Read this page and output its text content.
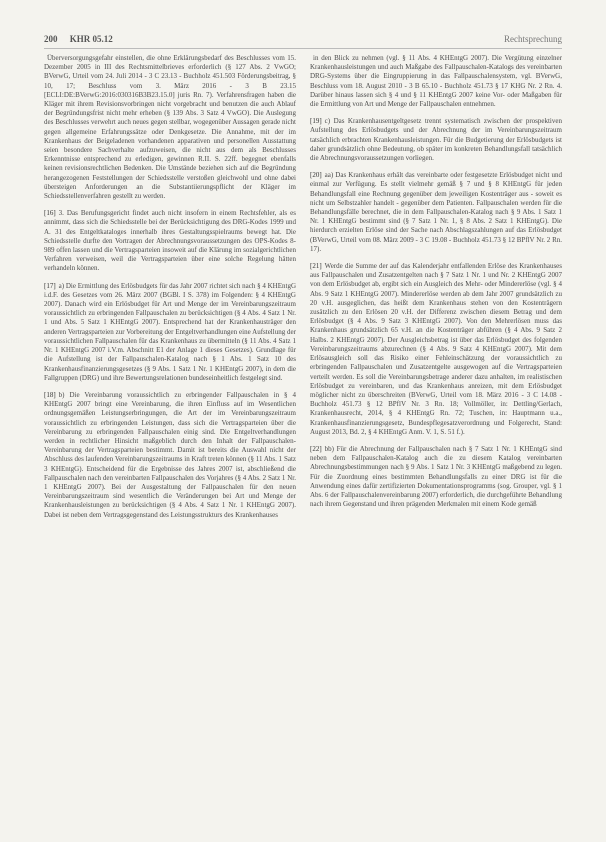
200 KHR 05.12	Rechtsprechung

Überversorgungsgefahr einstellen, die ohne Erklärungsbedarf des Beschlusses vom 15. Dezember 2005 in III des Rechtsmittelbrieves erforderlich (§ 127 Abs. 2 VwGO; BVerwG, Urteil vom 24. Juli 2014 - 3 C 23.13 - Buchholz 451.503 Förderungsbeitrag, § 10, 17; Beschluss vom 3. März 2016 - 3 B 23.15 [ECLI:DE:BVerwG:2016:030316B3B23.15.0] juris Rn. 7). Verfahrensfragen haben die Kläger mit ihrem Revisionsvorbringen nicht vorgebracht und benutzen die auch Ablauf der Begründungsfrist nicht mehr erheben (§ 139 Abs. 3 Satz 4 VwGO). Die Auslegung des Beschlusses verwehrt auch neues gegen stellbar, wogegenüber Aussagen gerade nicht gegen allgemeine Erfahrungssätze oder Denkgesetze. Die Annahme, mit der im Krankenhaus der Beigeladenen vorhandenen apparativen und personellen Ausstattung seien besondere Sachverhalte aufzuweisen, die nicht aus dem als Beschlusses Erkenntnisse entsprechend zu erledigen, gewinnen R.II. S. 22ff. begegnet ebenfalls keinen revisionsrechtlichen Bedenken. Die Umstände beziehen sich auf die Begründung herangezogenen Feststellungen der Schiedsstelle verstoßen gleichwohl und ohne dabei übersteigen Anforderungen an die Substantiierungspflicht der Kläger im Schiedsstellenverfahren gestellt zu werden.

[16] 3. Das Berufungsgericht findet auch nicht insofern in einem Rechtsfehler, als es annimmt, dass sich die Schiedsstelle bei der Berücksichtigung des DRG-Kodes 1999 und A. 31 des Entgeltkataloges innerhalb ihres Gestaltungsspielraums bewegt hat. Die Schiedsstelle durfte den Vortragen der Abrechnungsvoraussetzungen des OPS-Kodes 8-989 offen lassen und die Vertragsparteien insoweit auf die Klärung im sozialgerichtlichen Verfahren verweisen, weil die Vertragsparteien über eine solche Regelung hätten verhandeln können.

[17] a) Die Ermittlung des Erlösbudgets für das Jahr 2007 richtet sich nach § 4 KHEntgG i.d.F. des Gesetzes vom 26. März 2007 (BGBl. I S. 378) im Folgenden: § 4 KHEntgG 2007). Danach wird ein Erlösbudget für Art und Menge der im Vereinbarungszeitraum voraussichtlich zu erbringenden Fallpauschalen zu berücksichtigen (§ 4 Abs. 4 Satz 1 Nr. 1 und Abs. 5 Satz 1 KHEntgG 2007). Entsprechend hat der Krankenhausträger den anderen Vertragsparteien zur Vorbereitung der Entgeltverhandlungen eine Aufstellung der voraussichtlichen Fallpauschalen für das Krankenhaus zu übermitteln (§ 11 Abs. 4 Satz 1 Nr. 1 KHEntgG 2007 i.V.m. Abschnitt E1 der Anlage 1 dieses Gesetzes). Grundlage für die Aufstellung ist der Fallpauschalen-Katalog nach § 1 Abs. 1 Satz 10 des Krankenhausfinanzierungsgesetzes (§ 9 Abs. 1 Satz 1 Nr. 1 KHEntgG 2007), in dem die Fallgruppen (DRG) und ihre Bewertungsrelationen bundeseinheitlich festgelegt sind.

[18] b) Die Vereinbarung voraussichtlich zu erbringender Fallpauschalen in § 4 KHEntgG 2007 bringt eine Vereinbarung, die ihren Einfluss auf im Wesentlichen ordnungsgemäßen Leistungserbringungen, die Art der im Vereinbarungszeitraum voraussichtlich zu erbringenden Leistungen, dass sich die Vertragsparteien über die Vereinbarung zu erbringenden Fallpauschalen einig sind. Die Entgeltverhandlungen werden in rechtlicher Hinsicht maßgeblich durch den Inhalt der Fallpauschalen-Vereinbarung der Vertragsparteien bestimmt. Damit ist bereits die Auswahl nicht der Abschluss des laufenden Vereinbarungszeitraums in Kraft treten können (§ 11 Abs. 1 Satz 3 KHEntgG). Entscheidend für die Ergebnisse des Jahres 2007 ist, abschließend die Fallpauschalen nach den vereinbarten Fallpauschalen des Vorjahres (§ 4 Abs. 2 Satz 1 Nr. 1 KHEntgG 2007). Bei der Ausgestaltung der Fallpauschalen für den neuen Vereinbarungszeitraum sind wesentlich die Veränderungen bei Art und Menge der Krankenhausleistungen zu berücksichtigen (§ 4 Abs. 4 Satz 1 Nr. 1 KHEntgG 2007). Dabei ist neben dem Vertragsgegenstand des Leistungsstrukturs des Krankenhauses

in den Blick zu nehmen (vgl. § 11 Abs. 4 KHEntgG 2007). Die Vergütung einzelner Krankenhausleistungen und auch Maßgabe des Fallpauschalen-Katalogs des vereinbarten DRG-Systems über die Eingruppierung in das Fallpauschalensystem, vgl. BVerwG, Beschluss vom 18. August 2010 - 3 B 65.10 - Buchholz 451.73 § 17 KHG Nr. 2 Rn. 4. Darüber hinaus lassen sich § 4 und § 11 KHEntgG 2007 keine Vor- oder Maßgaben für die Ermittlung von Art und Menge der Fallpauschalen entnehmen.

[19] c) Das Krankenhausentgeltgesetz trennt systematisch zwischen der prospektiven Aufstellung des Erlösbudgets und der Abrechnung der im Vereinbarungszeitraum tatsächlich erbrachten Krankenhausleistungen. Für die Budgetierung der Erlösbudgets ist daher grundsätzlich ohne Bedeutung, ob später im konkreten Behandlungsfall tatsächlich die Abrechnungsvoraussetzungen vorliegen.

[20] aa) Das Krankenhaus erhält das vereinbarte oder festgesetzte Erlösbudget nicht und einmal zur Verfügung. Es stellt vielmehr gemäß § 7 und § 8 KHEntgG für jeden Behandlungsfall eine Rechnung gegenüber dem jeweiligen Kostenträger aus - soweit es nicht um Selbstzahler handelt - gegenüber dem Patienten. Fallpauschalen werden für die Behandlungsfälle berechnet, die in dem Fallpauschalen-Katalog nach § 9 Abs. 1 Satz 1 Nr. 1 KHEntgG bestimmt sind (§ 7 Satz 1 Nr. 1, § 8 Abs. 2 Satz 1 KHEntgG). Die hierdurch erzielten Erlöse sind der Sache nach Abschlagszahlungen auf das Erlösbudget (BVerwG, Urteil vom 08. März 2009 - 3 C 19.08 - Buchholz 451.73 § 12 BPflV Nr. 2 Rn. 17).

[21] Werde die Summe der auf das Kalenderjahr entfallenden Erlöse des Krankenhauses aus Fallpauschalen und Zusatzentgelten nach § 7 Satz 1 Nr. 1 und Nr. 2 KHEntgG 2007 von dem Erlösbudget ab, ergibt sich ein Ausgleich des Mehr- oder Mindererlöse (vgl. § 4 Abs. 9 Satz 1 KHEntgG 2007). Mindererlöse werden ab dem Jahr 2007 grundsätzlich zu 20 v.H. ausgeglichen, das heißt dem Krankenhaus stehen von den Kostenträgern zusätzlich zu den Erlösen 20 v.H. der Differenz zwischen diesem Betrag und dem Erlösbudget (§ 4 Abs. 9 Satz 3 KHEntgG 2007). Von den Mehrerlösen muss das Krankenhaus grundsätzlich 65 v.H. an die Kostenträger abführen (§ 4 Abs. 9 Satz 2 Halbs. 2 KHEntgG 2007). Der Ausgleichsbetrag ist über das Erlösbudget des folgenden Vereinbarungszeitraums abzurechnen (§ 4 Abs. 9 Satz 4 KHEntgG 2007). Mit dem Erlösausgleich soll das Risiko einer Fehleinschätzung der voraussichtlich zu erbringenden Fallpauschalen und Zusatzentgelte ausgewogen auf die Vertragsparteien verteilt werden. Es soll die Vereinbarungsbetrage anderer dazu anhalten, im realistischen Erlösbudget zu vereinbaren, und das Krankenhaus anreizen, mit dem Erlösbudget möglicher nicht zu überschreiten (BVerwG, Urteil vom 18. März 2016 - 3 C 14.08 - Buchholz 451.73 § 12 BPflV Nr. 3 Rn. 18; Vollmöller, in: Dettling/Gerlach, Krankenhausrecht, 2014, § 4 KHEntgG Rn. 72; Tuschen, in: Hauptmann u.a., Krankenhausfinanzierungsgesetz, Bundespflegesatzverordnung und Folgerecht, Stand: August 2013, Bd. 2, § 4 KHEntgG Anm. V. 1, S. 51 f.).

[22] bb) Für die Abrechnung der Fallpauschalen nach § 7 Satz 1 Nr. 1 KHEntgG sind neben dem Fallpauschalen-Katalog auch die zu diesem Katalog vereinbarten Abrechnungsbestimmungen nach § 9 Abs. 1 Satz 1 Nr. 3 KHEntgG maßgebend zu legen. Für die Zuordnung eines bestimmten Behandlungsfalls zu einer DRG ist für die Anwendung eines dafür zertifizierten Dokumentationsprogramms (sog. Grouper, vgl. § 1 Abs. 6 der Fallpauschalenvereinbarung 2007) erforderlich, die durchgeführte Behandlung nach ihrem Gegenstand und ihren prägenden Merkmalen mit einem Kode gemäß
